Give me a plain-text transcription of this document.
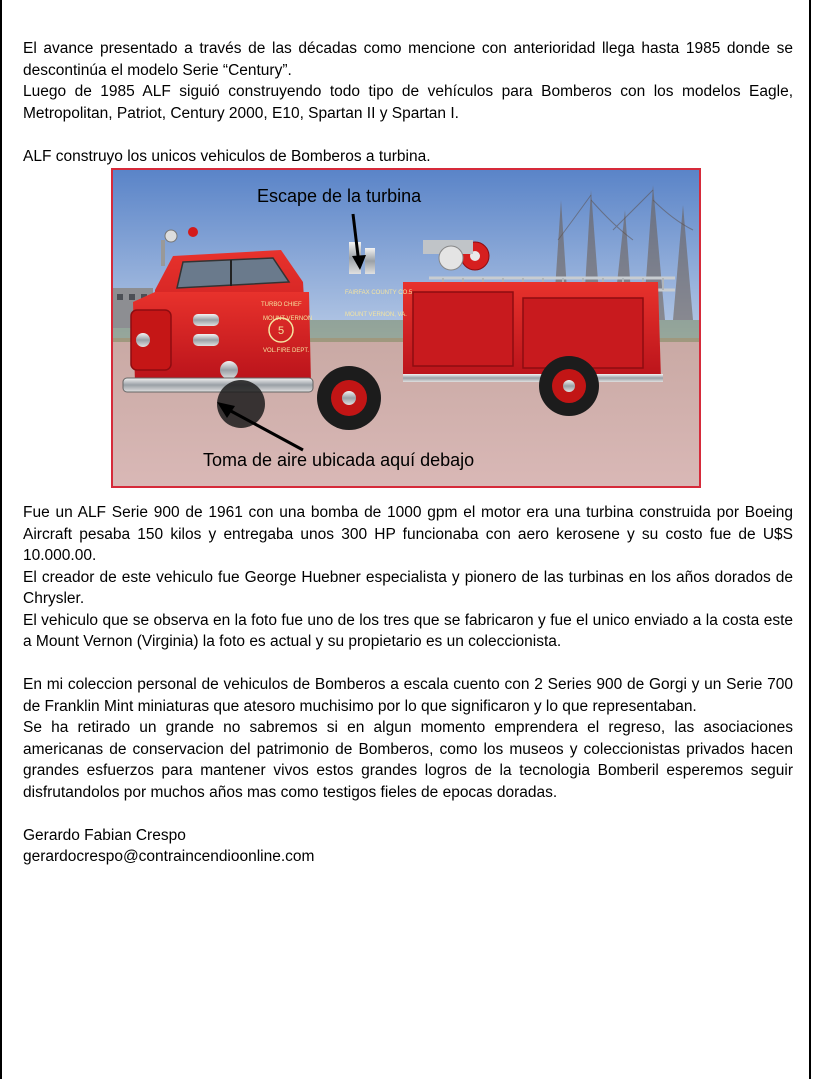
El avance presentado a través de las décadas como mencione con anterioridad llega hasta 1985 donde se descontinúa el modelo Serie “Century”.

Luego de 1985 ALF siguió construyendo todo tipo de vehículos para Bomberos con los modelos Eagle, Metropolitan, Patriot, Century 2000, E10, Spartan II y Spartan I.

ALF construyo los unicos vehiculos de Bomberos a turbina.

5
MOUNT VERNON
VOL.FIRE DEPT.
TURBO CHIEF
FAIRFAX COUNTY CO.5
MOUNT VERNON, VA.
Escape de la turbina
Toma de aire ubicada aquí debajo

Fue un ALF Serie 900 de 1961 con una bomba de 1000 gpm el motor era una turbina construida por Boeing Aircraft pesaba 150 kilos y entregaba unos 300 HP funcionaba con aero kerosene y su costo fue de U$S 10.000.00.

El creador de este vehiculo fue George Huebner especialista y pionero de las turbinas en los años dorados de Chrysler.

El vehiculo que se observa en la foto fue uno de los tres que se fabricaron y fue el unico enviado a la costa este a Mount Vernon (Virginia) la foto es actual y su propietario es un coleccionista.

En mi coleccion personal de vehiculos de Bomberos a escala cuento con 2 Series 900 de Gorgi y un Serie 700 de Franklin Mint miniaturas que atesoro muchisimo por lo que significaron y lo que representaban.

Se ha retirado un grande no sabremos si en algun momento emprendera el regreso, las asociaciones americanas de conservacion del patrimonio de Bomberos, como los museos y coleccionistas privados hacen grandes esfuerzos para mantener vivos estos grandes logros de la tecnologia Bomberil esperemos seguir disfrutandolos por muchos años mas como testigos fieles de epocas doradas.

Gerardo Fabian Crespo

gerardocrespo@contraincendioonline.com
